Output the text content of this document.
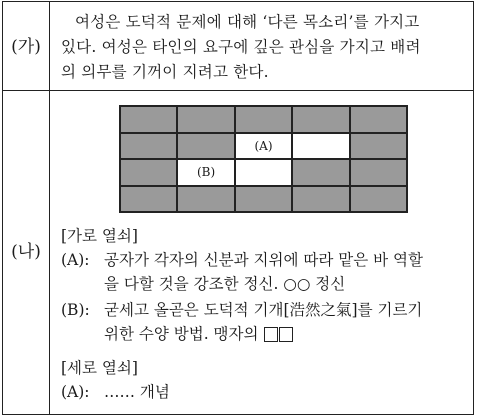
(가)
여성은 도덕적 문제에 대해 ‘다른 목소리’를 가지고
있다. 여성은 타인의 요구에 깊은 관심을 가지고 배려
의 의무를 기꺼이 지려고 한다.
(나)
(A)
(B)
[가로 열쇠]
(A): 공자가 각자의 신분과 지위에 따라 맡은 바 역할
을 다할 것을 강조한 정신. ○○ 정신
(B): 굳세고 올곧은 도덕적 기개[浩然之氣]를 기르기
위한 수양 방법. 맹자의
[세로 열쇠]
(A): …… 개념
